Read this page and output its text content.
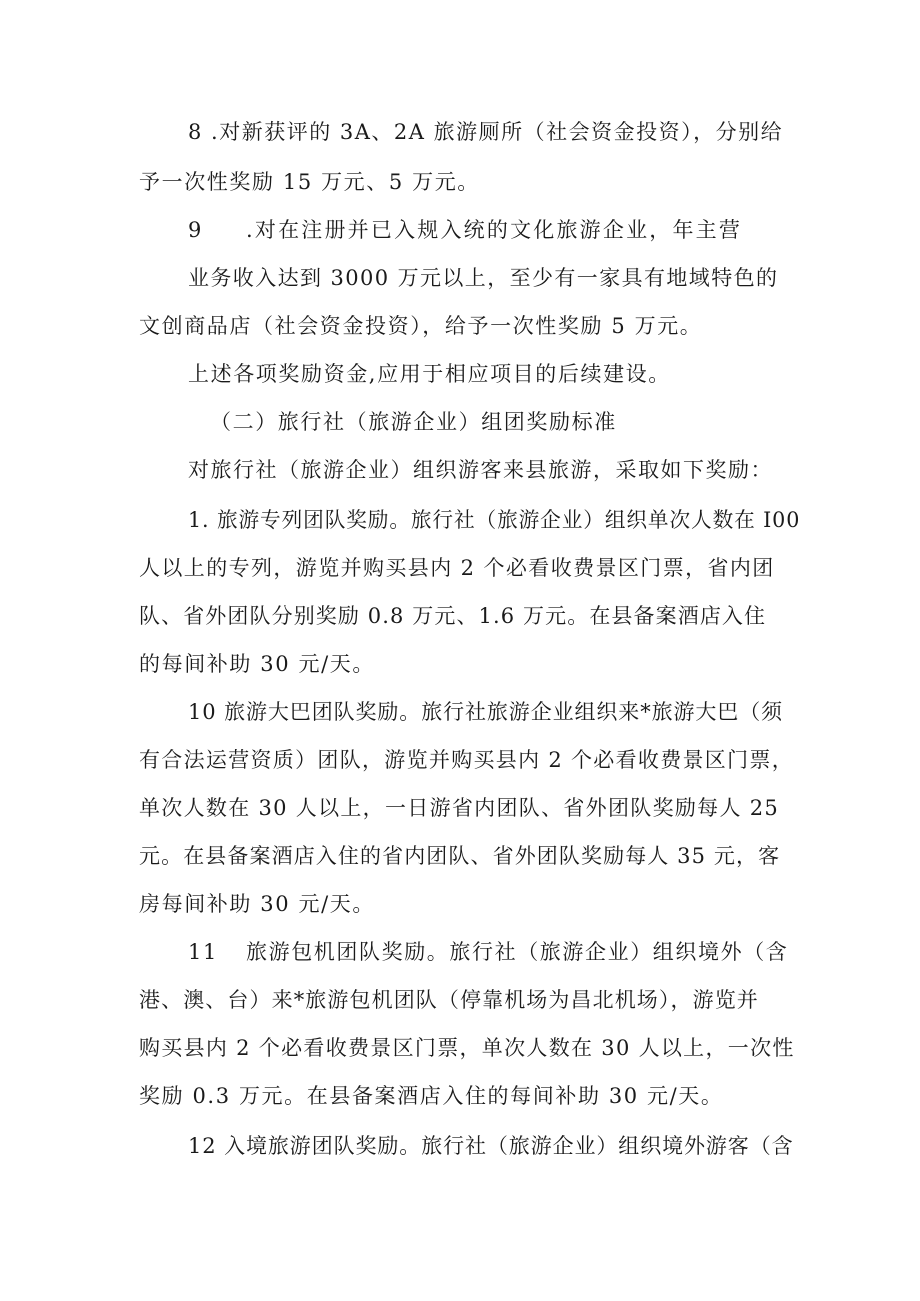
8 .对新获评的 3A、2A 旅游厕所（社会资金投资），分别给
予一次性奖励 15 万元、5 万元。
9 .对在注册并已入规入统的文化旅游企业，年主营
业务收入达到 3000 万元以上，至少有一家具有地域特色的
文创商品店（社会资金投资），给予一次性奖励 5 万元。
上述各项奖励资金,应用于相应项目的后续建设。
（二）旅行社（旅游企业）组团奖励标准
对旅行社（旅游企业）组织游客来县旅游，采取如下奖励：
1. 旅游专列团队奖励。旅行社（旅游企业）组织单次人数在 I00
人以上的专列，游览并购买县内 2 个必看收费景区门票，省内团
队、省外团队分别奖励 0.8 万元、1.6 万元。在县备案酒店入住
的每间补助 30 元/天。
10 旅游大巴团队奖励。旅行社旅游企业组织来*旅游大巴（须
有合法运营资质）团队，游览并购买县内 2 个必看收费景区门票，
单次人数在 30 人以上，一日游省内团队、省外团队奖励每人 25
元。在县备案酒店入住的省内团队、省外团队奖励每人 35 元，客
房每间补助 30 元/天。
11 旅游包机团队奖励。旅行社（旅游企业）组织境外（含
港、澳、台）来*旅游包机团队（停靠机场为昌北机场），游览并
购买县内 2 个必看收费景区门票，单次人数在 30 人以上，一次性
奖励 0.3 万元。在县备案酒店入住的每间补助 30 元/天。
12 入境旅游团队奖励。旅行社（旅游企业）组织境外游客（含
